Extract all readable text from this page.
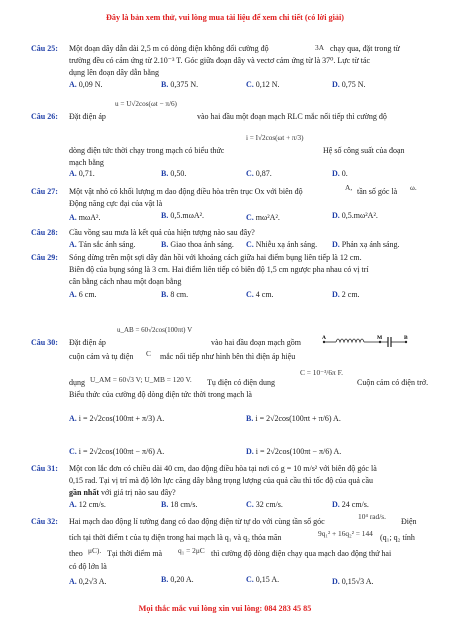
Đây là bản xem thử, vui lòng mua tài liệu để xem chi tiết (có lời giải)
Câu 25: Một đoạn dây dẫn dài 2,5 m có dòng điện không đổi cường độ	3A chạy qua, đặt trong từ
trường đều có cảm ứng từ 2.10⁻³ T. Góc giữa đoạn dây và vectơ cảm ứng từ là 37⁰. Lực từ tác
dụng lên đoạn dây dẫn bằng
A. 0,09 N.	B. 0,375 N.	C. 0,12 N.	D. 0,75 N.
Câu 26: Đặt điện áp
u = U√2cos(ωt − π/6)
vào hai đầu một đoạn mạch RLC mắc nối tiếp thì cường độ
i = I√2cos(ωt + π/3)
dòng điện tức thời chạy trong mạch có biểu thức	Hệ số công suất của đoạn
mạch bằng
A. 0,71.	B. 0,50.	C. 0,87.	D. 0.
Câu 27: Một vật nhỏ có khối lượng m dao động điều hòa trên trục Ox với biên độ	A, tần số góc là ω.
Động năng cực đại của vật là
A. mωA².	B. 0,5.mωA².	C. mω²A².	D. 0,5.mω²A².
Câu 28: Cầu vồng sau mưa là kết quả của hiện tượng nào sau đây?
A. Tán sắc ánh sáng.	B. Giao thoa ánh sáng. C. Nhiễu xạ ánh sáng. D. Phản xạ ánh sáng.
Câu 29: Sóng dừng trên một sợi dây đàn hồi với khoảng cách giữa hai điểm bụng liên tiếp là 12 cm.
Biên độ của bụng sóng là 3 cm. Hai điểm liên tiếp có biên độ 1,5 cm ngược pha nhau có vị trí
cân bằng cách nhau một đoạn bằng
A. 6 cm.	B. 8 cm.	C. 4 cm.	D. 2 cm.
Câu 30: Đặt điện áp
u_AB = 60√2cos(100πt) V
vào hai đầu đoạn mạch gồm	A	M	B
cuộn cảm và tụ điện C mắc nối tiếp như hình bên thì điện áp hiệu
dụng U_AM = 60√3 V; U_MB = 120 V. Tụ điện có điện dung
C = 10⁻³/6π F.
Cuộn cảm có điện trở.
Biểu thức của cường độ dòng điện tức thời trong mạch là
A. i = 2√2cos(100πt + π/3) A.	B. i = 2√2cos(100πt + π/6) A.
C. i = 2√2cos(100πt − π/6) A.	D. i = 2√2cos(100πt − π/6) A.
Câu 31: Một con lắc đơn có chiều dài 40 cm, dao động điều hòa tại nơi có g = 10 m/s² với biên độ góc là
0,15 rad. Tại vị trí mà độ lớn lực căng dây bằng trọng lượng của quả cầu thì tốc độ của quả cầu
gần nhất với giá trị nào sau đây?
A. 12 cm/s.	B. 18 cm/s.	C. 32 cm/s.	D. 24 cm/s.
Câu 32: Hai mạch dao động lí tưởng đang có dao động điện từ tự do với cùng tần số góc
10⁴ rad/s.
Điện
tích tại thời điểm t của tụ điện trong hai mạch là q₁ và q₂ thỏa mãn	9q₁² + 16q₂² = 144 (q₁; q₂ tính
theo μC). Tại thời điểm mà q₁ = 2μC thì cường độ dòng điện chạy qua mạch dao động thứ hai
có độ lớn là
A. 0,2√3 A.	B. 0,20 A.	C. 0,15 A.	D. 0,15√3 A.
Mọi thắc mắc vui lòng xin vui lòng: 084 283 45 85
